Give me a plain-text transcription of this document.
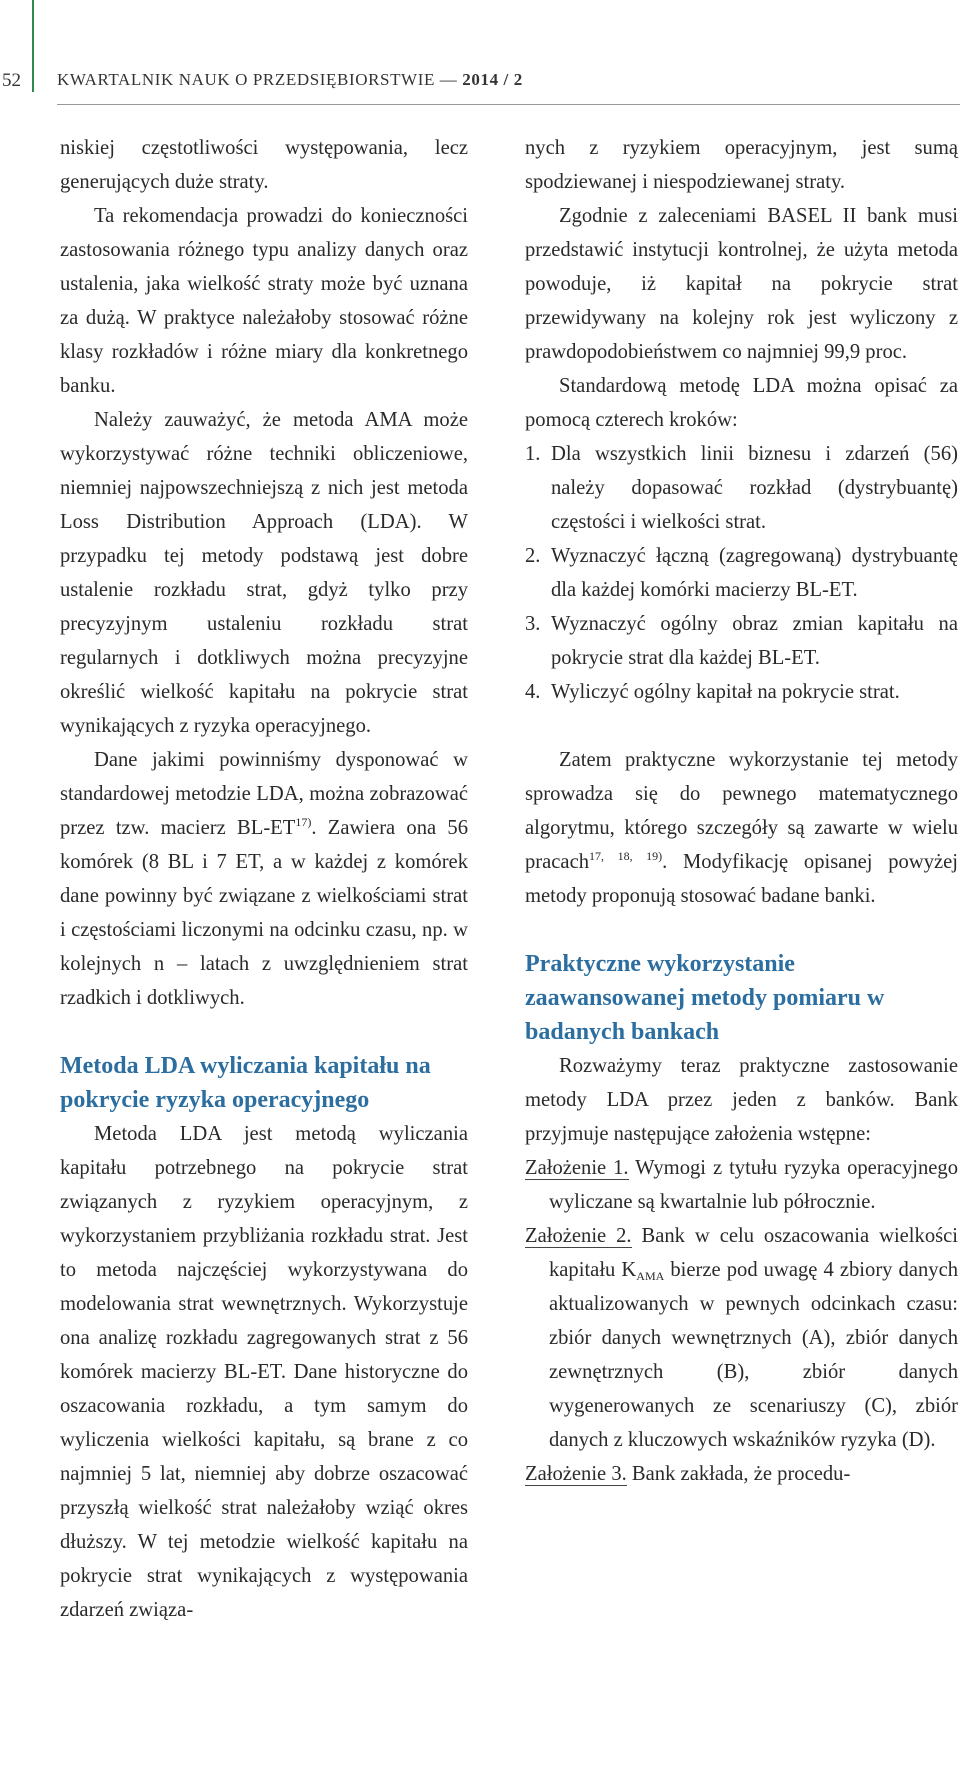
52 KWARTALNIK NAUK O PRZEDSIĘBIORSTWIE — 2014 / 2

niskiej częstotliwości występowania, lecz generujących duże straty.

Ta rekomendacja prowadzi do konieczności zastosowania różnego typu analizy danych oraz ustalenia, jaka wielkość straty może być uznana za dużą. W praktyce należałoby stosować różne klasy rozkładów i różne miary dla konkretnego banku.

Należy zauważyć, że metoda AMA może wykorzystywać różne techniki obliczeniowe, niemniej najpowszechniejszą z nich jest metoda Loss Distribution Approach (LDA). W przypadku tej metody podstawą jest dobre ustalenie rozkładu strat, gdyż tylko przy precyzyjnym ustaleniu rozkładu strat regularnych i dotkliwych można precyzyjne określić wielkość kapitału na pokrycie strat wynikających z ryzyka operacyjnego.

Dane jakimi powinniśmy dysponować w standardowej metodzie LDA, można zobrazować przez tzw. macierz BL-ET$^{17)}$. Zawiera ona 56 komórek (8 BL i 7 ET, a w każdej z komórek dane powinny być związane z wielkościami strat i częstościami liczonymi na odcinku czasu, np. w kolejnych n – latach z uwzględnieniem strat rzadkich i dotkliwych.

Metoda LDA wyliczania kapitału na pokrycie ryzyka operacyjnego

Metoda LDA jest metodą wyliczania kapitału potrzebnego na pokrycie strat związanych z ryzykiem operacyjnym, z wykorzystaniem przybliżania rozkładu strat. Jest to metoda najczęściej wykorzystywana do modelowania strat wewnętrznych. Wykorzystuje ona analizę rozkładu zagregowanych strat z 56 komórek macierzy BL-ET. Dane historyczne do oszacowania rozkładu, a tym samym do wyliczenia wielkości kapitału, są brane z co najmniej 5 lat, niemniej aby dobrze oszacować przyszłą wielkość strat należałoby wziąć okres dłuższy. W tej metodzie wielkość kapitału na pokrycie strat wynikających z występowania zdarzeń związa-

nych z ryzykiem operacyjnym, jest sumą spodziewanej i niespodziewanej straty.

Zgodnie z zaleceniami BASEL II bank musi przedstawić instytucji kontrolnej, że użyta metoda powoduje, iż kapitał na pokrycie strat przewidywany na kolejny rok jest wyliczony z prawdopodobieństwem co najmniej 99,9 proc.

Standardową metodę LDA można opisać za pomocą czterech kroków:

1. Dla wszystkich linii biznesu i zdarzeń (56) należy dopasować rozkład (dystrybuantę) częstości i wielkości strat.
2. Wyznaczyć łączną (zagregowaną) dystrybuantę dla każdej komórki macierzy BL-ET.
3. Wyznaczyć ogólny obraz zmian kapitału na pokrycie strat dla każdej BL-ET.
4. Wyliczyć ogólny kapitał na pokrycie strat.

Zatem praktyczne wykorzystanie tej metody sprowadza się do pewnego matematycznego algorytmu, którego szczegóły są zawarte w wielu pracach$^{17, 18, 19)}$. Modyfikację opisanej powyżej metody proponują stosować badane banki.

Praktyczne wykorzystanie zaawansowanej metody pomiaru w badanych bankach

Rozważymy teraz praktyczne zastosowanie metody LDA przez jeden z banków. Bank przyjmuje następujące założenia wstępne:

Założenie 1. Wymogi z tytułu ryzyka operacyjnego wyliczane są kwartalnie lub półrocznie.

Założenie 2. Bank w celu oszacowania wielkości kapitału $K_{AMA}$ bierze pod uwagę 4 zbiory danych aktualizowanych w pewnych odcinkach czasu: zbiór danych wewnętrznych (A), zbiór danych zewnętrznych (B), zbiór danych wygenerowanych ze scenariuszy (C), zbiór danych z kluczowych wskaźników ryzyka (D).

Założenie 3. Bank zakłada, że procedu-
